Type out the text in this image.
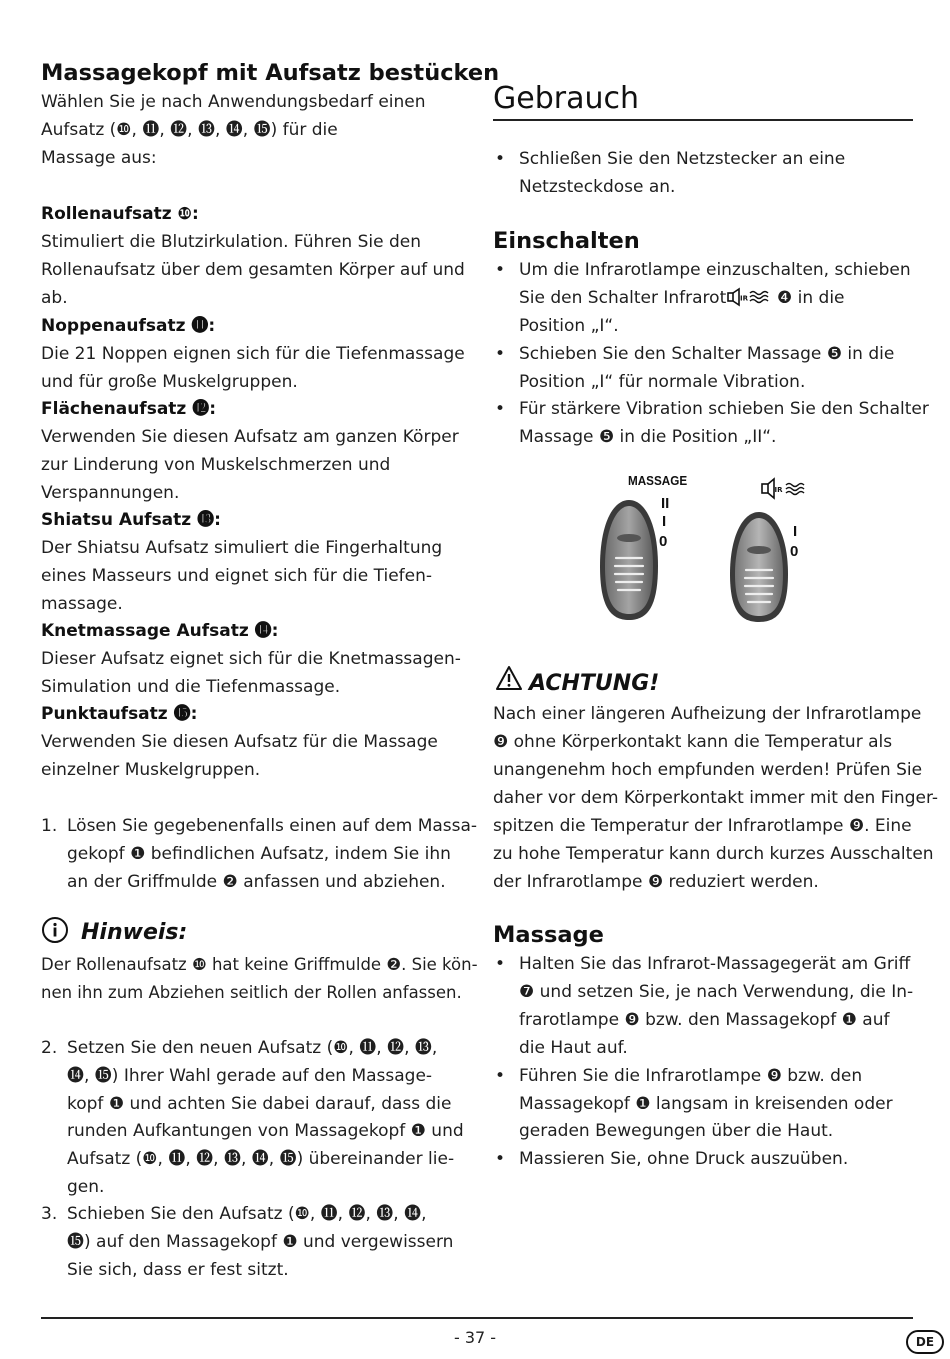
Massagekopf mit Aufsatz bestücken
Wählen Sie je nach Anwendungsbedarf einen
Aufsatz (❿, ⓫, ⓬, ⓭, ⓮, ⓯) für die
Massage aus:
Rollenaufsatz ❿:
Stimuliert die Blutzirkulation. Führen Sie den
Rollenaufsatz über dem gesamten Körper auf und
ab.
Noppenaufsatz ⓫:
Die 21 Noppen eignen sich für die Tiefenmassage
und für große Muskelgruppen.
Flächenaufsatz ⓬:
Verwenden Sie diesen Aufsatz am ganzen Körper
zur Linderung von Muskelschmerzen und
Verspannungen.
Shiatsu Aufsatz ⓭:
Der Shiatsu Aufsatz simuliert die Fingerhaltung
eines Masseurs und eignet sich für die Tiefen-
massage.
Knetmassage Aufsatz ⓮:
Dieser Aufsatz eignet sich für die Knetmassagen-
Simulation und die Tiefenmassage.
Punktaufsatz ⓯:
Verwenden Sie diesen Aufsatz für die Massage
einzelner Muskelgruppen.
1. Lösen Sie gegebenenfalls einen auf dem Massa-
gekopf ❶ befindlichen Aufsatz, indem Sie ihn
an der Griffmulde ❷ anfassen und abziehen.
Hinweis:
Der Rollenaufsatz ❿ hat keine Griffmulde ❷. Sie kön-
nen ihn zum Abziehen seitlich der Rollen anfassen.
2. Setzen Sie den neuen Aufsatz (❿, ⓫, ⓬, ⓭,
⓮, ⓯) Ihrer Wahl gerade auf den Massage-
kopf ❶ und achten Sie dabei darauf, dass die
runden Aufkantungen von Massagekopf ❶ und
Aufsatz (❿, ⓫, ⓬, ⓭, ⓮, ⓯) übereinander lie-
gen.
3. Schieben Sie den Aufsatz (❿, ⓫, ⓬, ⓭, ⓮,
⓯) auf den Massagekopf ❶ und vergewissern
Sie sich, dass er fest sitzt.
Gebrauch
• Schließen Sie den Netzstecker an eine
Netzsteckdose an.
Einschalten
• Um die Infrarotlampe einzuschalten, schieben
Sie den Schalter Infrarot IR ❹ in die
Position „I“.
• Schieben Sie den Schalter Massage ❺ in die
Position „I“ für normale Vibration.
• Für stärkere Vibration schieben Sie den Schalter
Massage ❺ in die Position „II“.
MASSAGE
II
I
0
IR
I
0
ACHTUNG!
Nach einer längeren Aufheizung der Infrarotlampe
❾ ohne Körperkontakt kann die Temperatur als
unangenehm hoch empfunden werden! Prüfen Sie
daher vor dem Körperkontakt immer mit den Finger-
spitzen die Temperatur der Infrarotlampe ❾. Eine
zu hohe Temperatur kann durch kurzes Ausschalten
der Infrarotlampe ❾ reduziert werden.
Massage
• Halten Sie das Infrarot-Massagegerät am Griff
❼ und setzen Sie, je nach Verwendung, die In-
frarotlampe ❾ bzw. den Massagekopf ❶ auf
die Haut auf.
• Führen Sie die Infrarotlampe ❾ bzw. den
Massagekopf ❶ langsam in kreisenden oder
geraden Bewegungen über die Haut.
• Massieren Sie, ohne Druck auszuüben.
- 37 -	DE
